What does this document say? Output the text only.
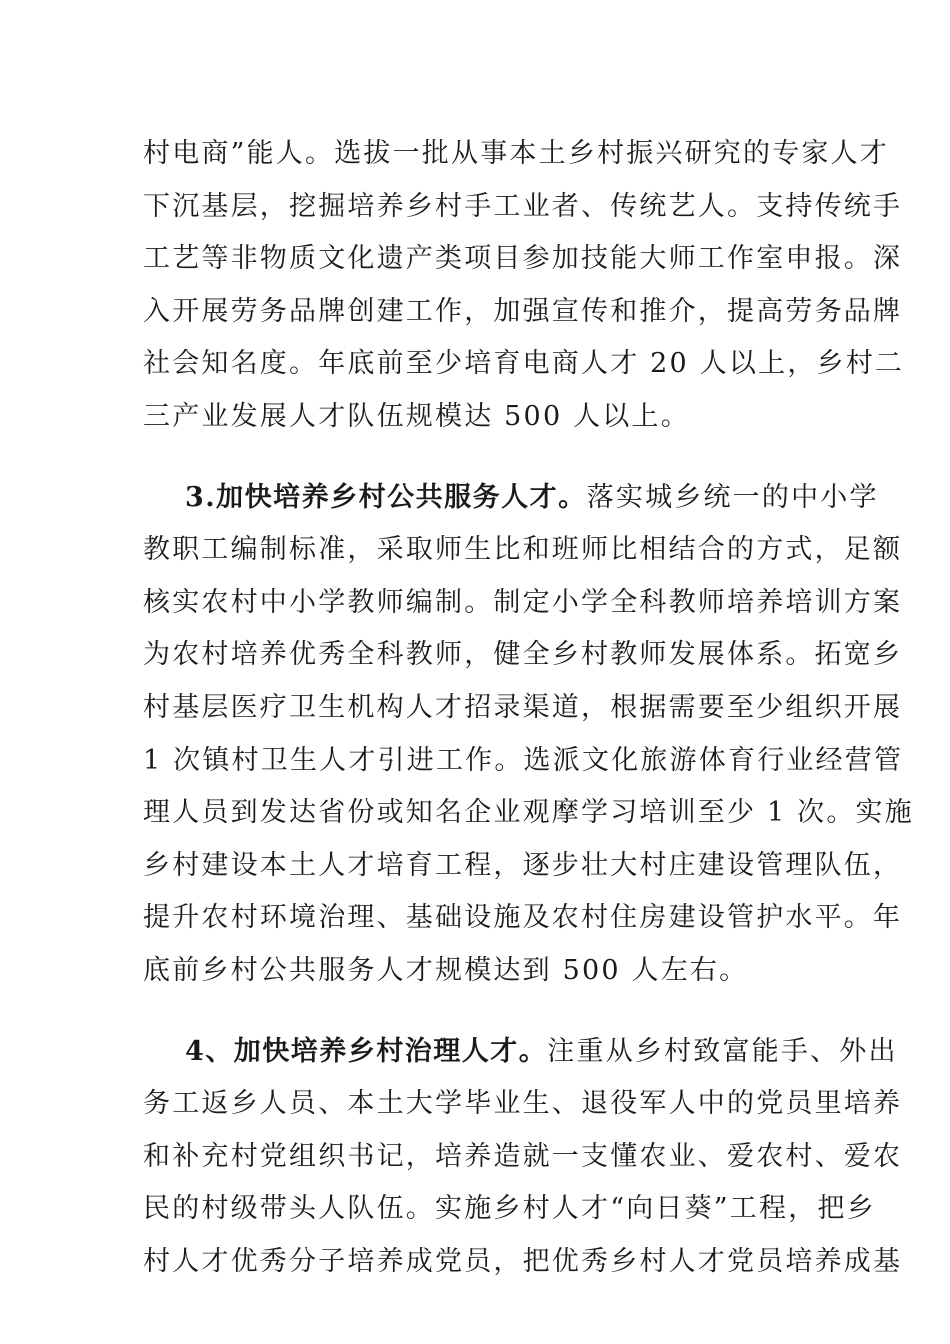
村电商”能人。选拔一批从事本土乡村振兴研究的专家人才
下沉基层，挖掘培养乡村手工业者、传统艺人。支持传统手
工艺等非物质文化遗产类项目参加技能大师工作室申报。深
入开展劳务品牌创建工作，加强宣传和推介，提高劳务品牌
社会知名度。年底前至少培育电商人才 20 人以上，乡村二
三产业发展人才队伍规模达 500 人以上。
3.加快培养乡村公共服务人才。落实城乡统一的中小学
教职工编制标准，采取师生比和班师比相结合的方式，足额
核实农村中小学教师编制。制定小学全科教师培养培训方案
为农村培养优秀全科教师，健全乡村教师发展体系。拓宽乡
村基层医疗卫生机构人才招录渠道，根据需要至少组织开展
1 次镇村卫生人才引进工作。选派文化旅游体育行业经营管
理人员到发达省份或知名企业观摩学习培训至少 1 次。实施
乡村建设本土人才培育工程，逐步壮大村庄建设管理队伍，
提升农村环境治理、基础设施及农村住房建设管护水平。年
底前乡村公共服务人才规模达到 500 人左右。
4、加快培养乡村治理人才。注重从乡村致富能手、外出
务工返乡人员、本土大学毕业生、退役军人中的党员里培养
和补充村党组织书记，培养造就一支懂农业、爱农村、爱农
民的村级带头人队伍。实施乡村人才“向日葵”工程，把乡
村人才优秀分子培养成党员，把优秀乡村人才党员培养成基
